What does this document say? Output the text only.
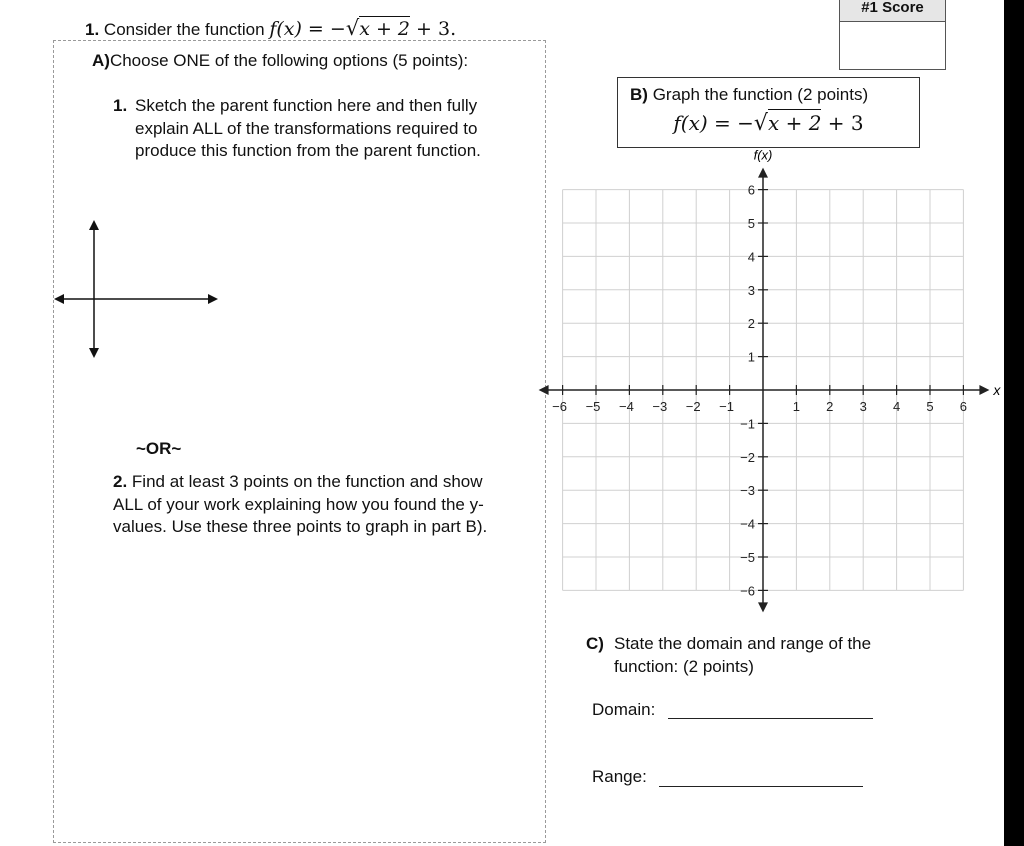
#1 Score
1. Consider the function f(x) = −√x + 2 + 3.
A)Choose ONE of the following options (5 points):
1. Sketch the parent function here and then fully explain ALL of the transformations required to produce this function from the parent function.
~OR~
2. Find at least 3 points on the function and show ALL of your work explaining how you found the y-values. Use these three points to graph in part B).
B) Graph the function (2 points)
f(x) = −√x + 2 + 3
−6 −5 −4 −3 −2 −1	1 2 3 4 5 6
6
5
4
3
2
1
−1
−2
−3
−4
−5
−6
f(x)
x
C) State the domain and range of the function: (2 points)
Domain:
Range:
